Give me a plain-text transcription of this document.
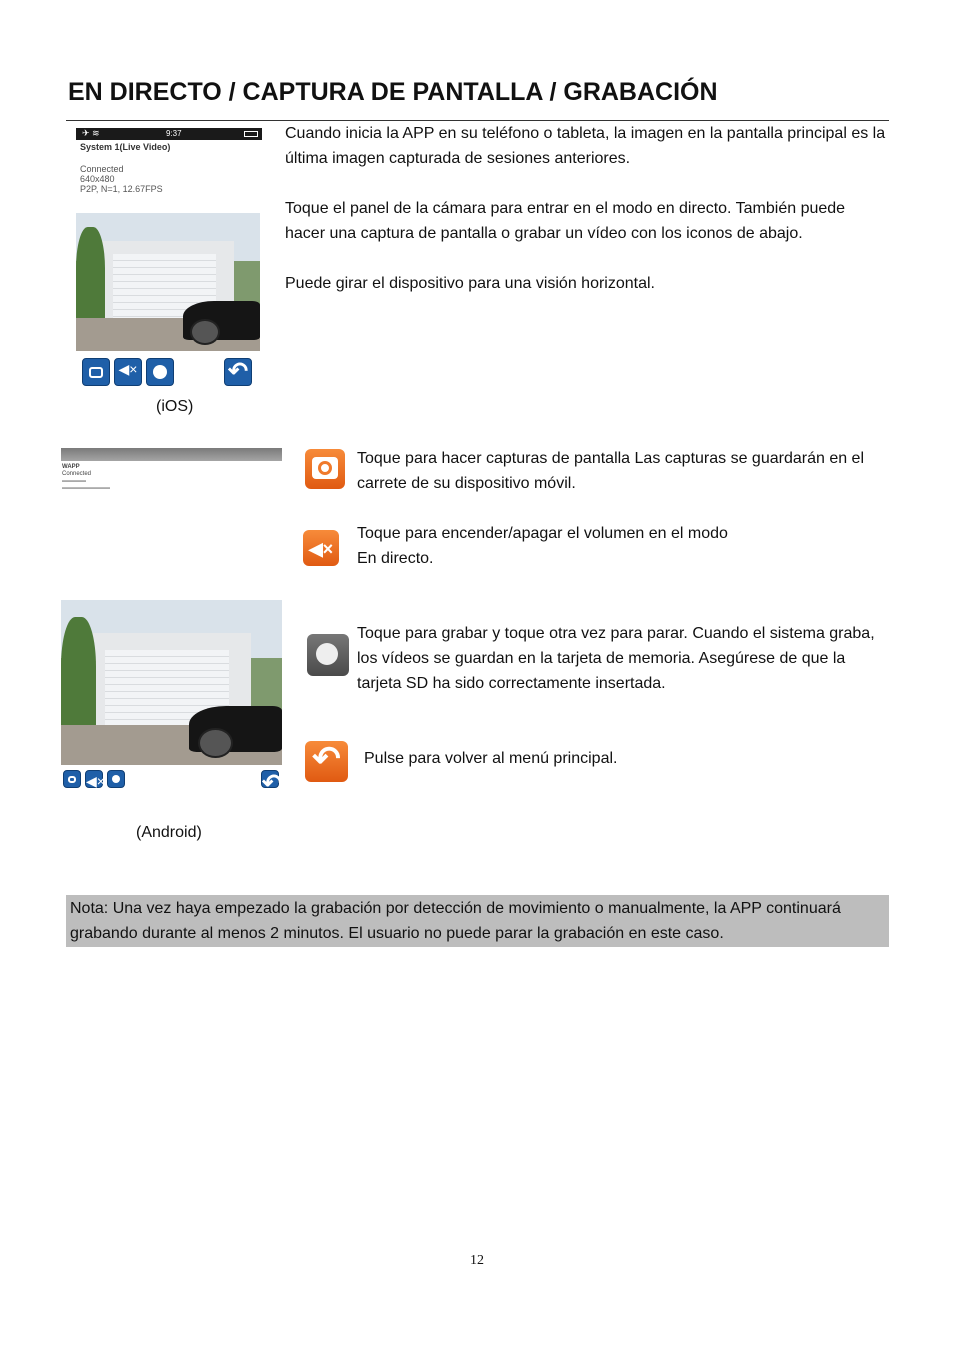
EN DIRECTO / CAPTURA DE PANTALLA / GRABACIÓN
✈ ≋	9:37
System 1(Live Video)
Connected
640x480
P2P, N=1, 12.67FPS
◀×
↶
(iOS)
Cuando inicia la APP en su teléfono o tableta, la imagen en la pantalla principal es la última imagen capturada de sesiones anteriores.
Toque el panel de la cámara para entrar en el modo en directo. También puede hacer una captura de pantalla o grabar un vídeo con los iconos de abajo.
Puede girar el dispositivo para una visión horizontal.
WAPP
Connected
▬▬▬▬
▬▬▬▬▬▬▬▬
◀×
↶
(Android)
Toque para hacer capturas de pantalla Las capturas se guardarán en el carrete de su dispositivo móvil.
◀×
Toque para encender/apagar el volumen en el modo
En directo.
Toque para grabar y toque otra vez para parar. Cuando el sistema graba, los vídeos se guardan en la tarjeta de memoria. Asegúrese de que la tarjeta SD ha sido correctamente insertada.
↶
Pulse para volver al menú principal.
Nota: Una vez haya empezado la grabación por detección de movimiento o manualmente, la APP continuará grabando durante al menos 2 minutos. El usuario no puede parar la grabación en este caso.
12
